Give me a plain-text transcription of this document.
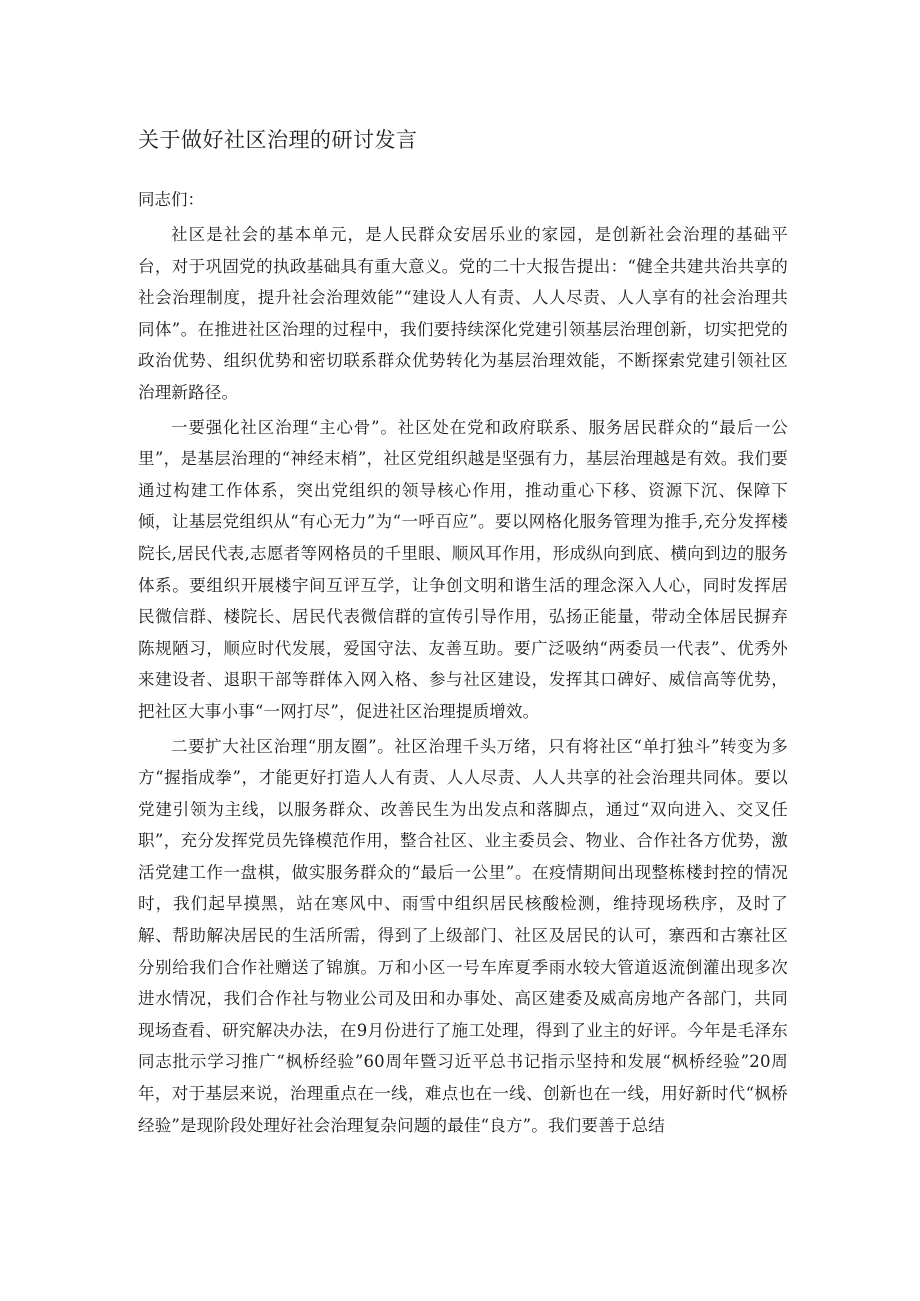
关于做好社区治理的研讨发言

同志们：

社区是社会的基本单元，是人民群众安居乐业的家园，是创新社会治理的基础平台，对于巩固党的执政基础具有重大意义。党的二十大报告提出：“健全共建共治共享的社会治理制度，提升社会治理效能”“建设人人有责、人人尽责、人人享有的社会治理共同体”。在推进社区治理的过程中，我们要持续深化党建引领基层治理创新，切实把党的政治优势、组织优势和密切联系群众优势转化为基层治理效能，不断探索党建引领社区治理新路径。

一要强化社区治理“主心骨”。社区处在党和政府联系、服务居民群众的“最后一公里”，是基层治理的“神经末梢”，社区党组织越是坚强有力，基层治理越是有效。我们要通过构建工作体系，突出党组织的领导核心作用，推动重心下移、资源下沉、保障下倾，让基层党组织从“有心无力”为“一呼百应”。要以网格化服务管理为推手,充分发挥楼院长,居民代表,志愿者等网格员的千里眼、顺风耳作用，形成纵向到底、横向到边的服务体系。要组织开展楼宇间互评互学，让争创文明和谐生活的理念深入人心，同时发挥居民微信群、楼院长、居民代表微信群的宣传引导作用，弘扬正能量，带动全体居民摒弃陈规陋习，顺应时代发展，爱国守法、友善互助。要广泛吸纳“两委员一代表”、优秀外来建设者、退职干部等群体入网入格、参与社区建设，发挥其口碑好、威信高等优势，把社区大事小事“一网打尽”，促进社区治理提质增效。

二要扩大社区治理“朋友圈”。社区治理千头万绪，只有将社区“单打独斗”转变为多方“握指成拳”，才能更好打造人人有责、人人尽责、人人共享的社会治理共同体。要以党建引领为主线，以服务群众、改善民生为出发点和落脚点，通过“双向进入、交叉任职”，充分发挥党员先锋模范作用，整合社区、业主委员会、物业、合作社各方优势，激活党建工作一盘棋，做实服务群众的“最后一公里”。在疫情期间出现整栋楼封控的情况时，我们起早摸黑，站在寒风中、雨雪中组织居民核酸检测，维持现场秩序，及时了解、帮助解决居民的生活所需，得到了上级部门、社区及居民的认可，寨西和古寨社区分别给我们合作社赠送了锦旗。万和小区一号车库夏季雨水较大管道返流倒灌出现多次进水情况，我们合作社与物业公司及田和办事处、高区建委及威高房地产各部门，共同现场查看、研究解决办法，在9月份进行了施工处理，得到了业主的好评。今年是毛泽东同志批示学习推广“枫桥经验”60周年暨习近平总书记指示坚持和发展“枫桥经验”20周年，对于基层来说，治理重点在一线，难点也在一线、创新也在一线，用好新时代“枫桥经验”是现阶段处理好社会治理复杂问题的最佳“良方”。我们要善于总结
